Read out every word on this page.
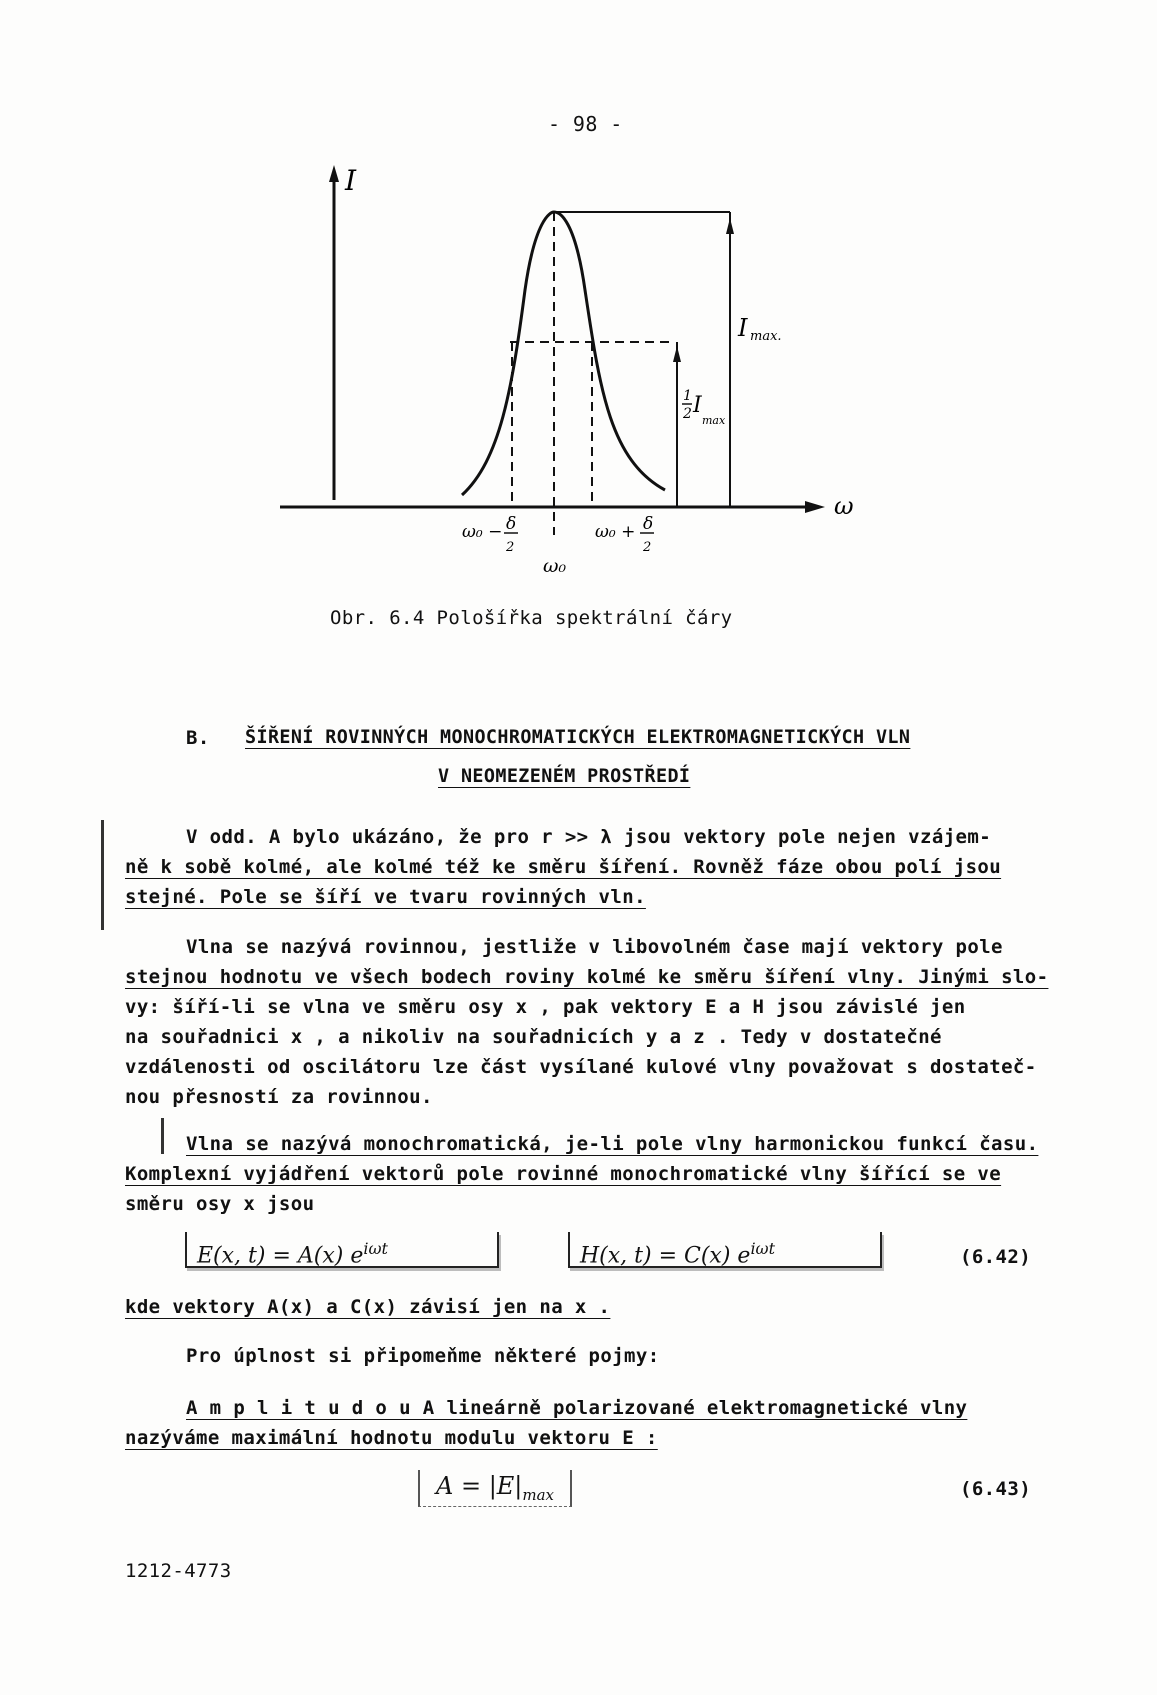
- 98 -
I
ω
I max.
1
2 I
max
ω₀ − δ
2
ω₀ + δ
2
ω₀
Obr. 6.4 Pološířka spektrální čáry
B. ŠÍŘENÍ ROVINNÝCH MONOCHROMATICKÝCH ELEKTROMAGNETICKÝCH VLN
V NEOMEZENÉM PROSTŘEDÍ
V odd. A bylo ukázáno, že pro r >> λ jsou vektory pole nejen vzájem-
ně k sobě kolmé, ale kolmé též ke směru šíření. Rovněž fáze obou polí jsou
stejné. Pole se šíří ve tvaru rovinných vln.
Vlna se nazývá rovinnou, jestliže v libovolném čase mají vektory pole
stejnou hodnotu ve všech bodech roviny kolmé ke směru šíření vlny. Jinými slo-
vy: šíří-li se vlna ve směru osy x , pak vektory E a H jsou závislé jen
na souřadnici x , a nikoliv na souřadnicích y a z . Tedy v dostatečné
vzdálenosti od oscilátoru lze část vysílané kulové vlny považovat s dostateč-
nou přesností za rovinnou.
Vlna se nazývá monochromatická, je-li pole vlny harmonickou funkcí času.
Komplexní vyjádření vektorů pole rovinné monochromatické vlny šířící se ve
směru osy x jsou
E(x, t) = A(x) $e^{i\omega t}$	H(x, t) = C(x) $e^{i\omega t}$	(6.42)
kde vektory A(x) a C(x) závisí jen na x .
Pro úplnost si připomeňme některé pojmy:
A m p l i t u d o u A lineárně polarizované elektromagnetické vlny
nazýváme maximální hodnotu modulu vektoru E :
$A = |E|_{max}$	(6.43)
1212-4773
